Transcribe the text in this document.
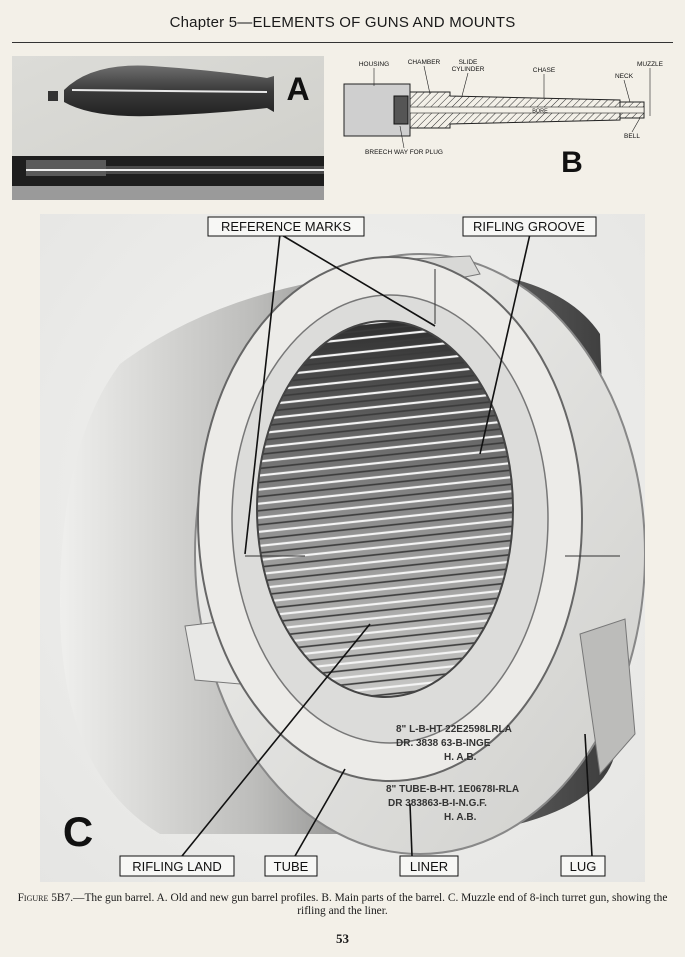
Chapter 5—ELEMENTS OF GUNS AND MOUNTS
A
HOUSING	CHAMBER	SLIDE
CYLINDER	CHASE
MUZZLE
NECK
BELL
BREECH WAY FOR PLUG
BORE
B
8" L-B-HT 22E2598LRLA
DR. 3838 63-B-INGE
H. A.B.
8" TUBE-B-HT. 1E0678I-RLA
DR 383863-B-I-N.G.F.
H. A.B.
REFERENCE MARKS	RIFLING GROOVE
RIFLING LAND	TUBE	LINER	LUG
C
Figure 5B7.—The gun barrel. A. Old and new gun barrel profiles. B. Main parts of the barrel. C. Muzzle end of 8-inch turret gun, showing the rifling and the liner.
53
